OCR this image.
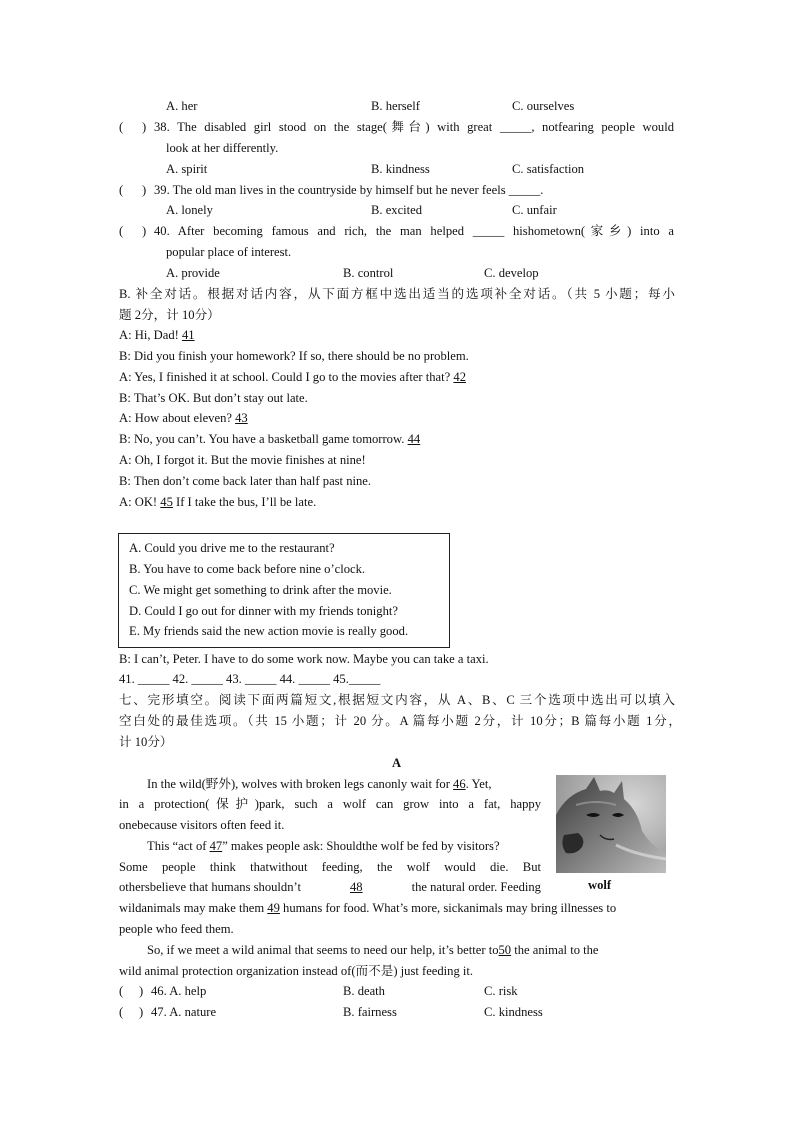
A. her	B. herself	C. ourselves
( ) 38. The disabled girl stood on the stage(舞台) with great _____, notfearing people would
look at her differently.
A. spirit	B. kindness	C. satisfaction
( ) 39. The old man lives in the countryside by himself but he never feels _____.
A. lonely	B. excited	C. unfair
( ) 40. After becoming famous and rich, the man helped _____ hishometown(家乡) into a
popular place of interest.
A. provide	B. control	C. develop
B. 补全对话。根据对话内容，从下面方框中选出适当的选项补全对话。（共 5 小题；每小
题 2分，计 10分）
A: Hi, Dad! 41
B: Did you finish your homework? If so, there should be no problem.
A: Yes, I finished it at school. Could I go to the movies after that? 42
B: That’s OK. But don’t stay out late.
A: How about eleven? 43
B: No, you can’t. You have a basketball game tomorrow. 44
A: Oh, I forgot it. But the movie finishes at nine!
B: Then don’t come back later than half past nine.
A: OK! 45 If I take the bus, I’ll be late.
A. Could you drive me to the restaurant?
B. You have to come back before nine o’clock.
C. We might get something to drink after the movie.
D. Could I go out for dinner with my friends tonight?
E. My friends said the new action movie is really good.
B: I can’t, Peter. I have to do some work now. Maybe you can take a taxi.
41. _____ 42. _____ 43. _____ 44. _____ 45._____
七、完形填空。阅读下面两篇短文,根据短文内容，从 A、B、C 三个选项中选出可以填入
空白处的最佳选项。（共 15 小题；计 20 分。A 篇每小题 2分，计 10分；B 篇每小题 1分，
计 10分）
A
In the wild(野外), wolves with broken legs canonly wait for 46. Yet,
in a protection(保护)park, such a wolf can grow into a fat, happy
onebecause visitors often feed it.
This “act of 47” makes people ask: Shouldthe wolf be fed by visitors?
Some people think thatwithout feeding, the wolf would die. But
othersbelieve that humans shouldn’t	48	the natural order. Feeding
wildanimals may make them 49 humans for food. What’s more, sickanimals may bring illnesses to
people who feed them.
So, if we meet a wild animal that seems to need our help, it’s better to50 the animal to the
wild animal protection organization instead of(而不是) just feeding it.
wolf
( ) 46. A. help	B. death	C. risk
( ) 47. A. nature	B. fairness	C. kindness
